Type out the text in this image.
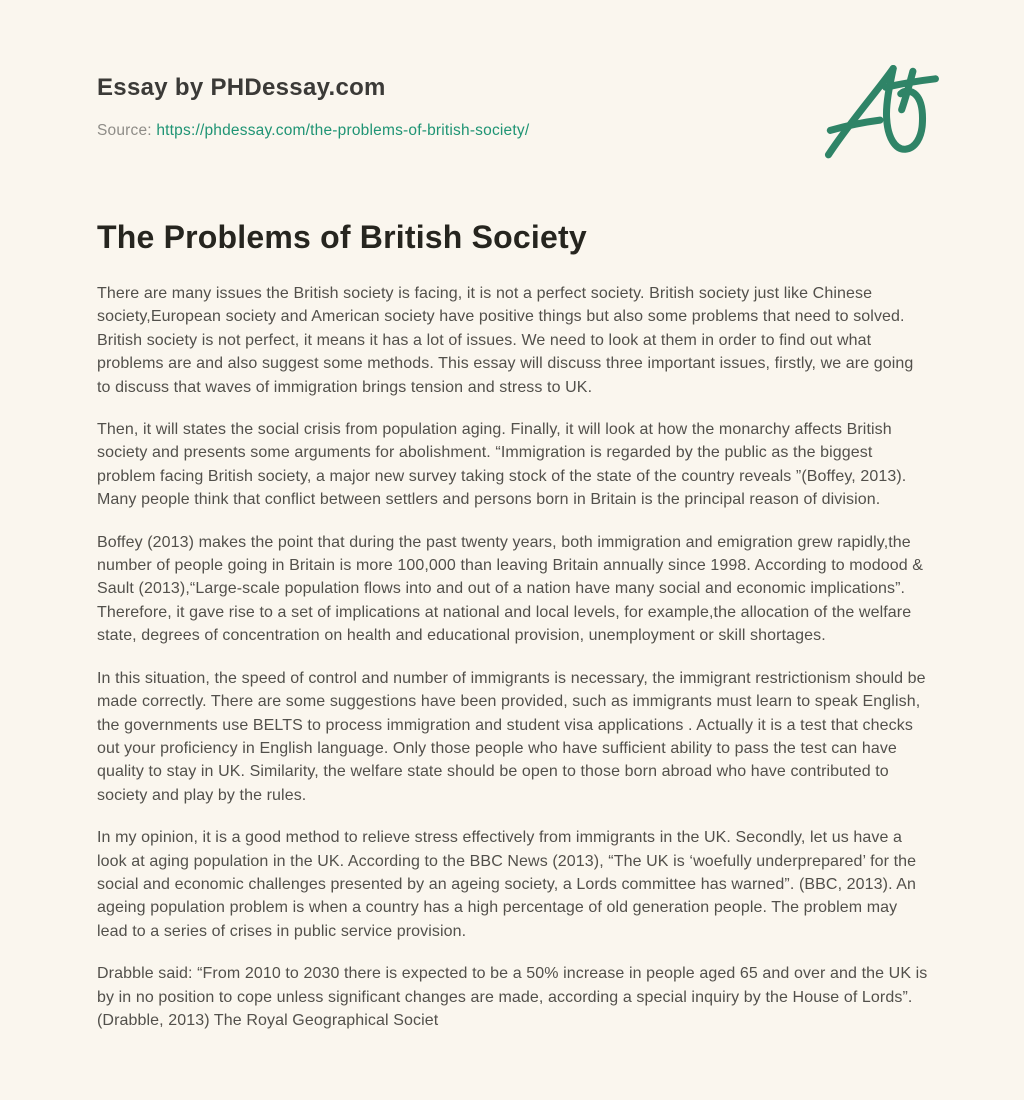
Essay by PHDessay.com
Source: https://phdessay.com/the-problems-of-british-society/
The Problems of British Society

There are many issues the British society is facing, it is not a perfect society. British society just like Chinese society,European society and American society have positive things but also some problems that need to solved. British society is not perfect, it means it has a lot of issues. We need to look at them in order to find out what problems are and also suggest some methods. This essay will discuss three important issues, firstly, we are going to discuss that waves of immigration brings tension and stress to UK.

Then, it will states the social crisis from population aging. Finally, it will look at how the monarchy affects British society and presents some arguments for abolishment. “Immigration is regarded by the public as the biggest problem facing British society, a major new survey taking stock of the state of the country reveals ”(Boffey, 2013). Many people think that conflict between settlers and persons born in Britain is the principal reason of division.

Boffey (2013) makes the point that during the past twenty years, both immigration and emigration grew rapidly,the number of people going in Britain is more 100,000 than leaving Britain annually since 1998. According to modood & Sault (2013),“Large-scale population flows into and out of a nation have many social and economic implications”. Therefore, it gave rise to a set of implications at national and local levels, for example,the allocation of the welfare state, degrees of concentration on health and educational provision, unemployment or skill shortages.

In this situation, the speed of control and number of immigrants is necessary, the immigrant restrictionism should be made correctly. There are some suggestions have been provided, such as immigrants must learn to speak English, the governments use BELTS to process immigration and student visa applications . Actually it is a test that checks out your proficiency in English language. Only those people who have sufficient ability to pass the test can have quality to stay in UK. Similarity, the welfare state should be open to those born abroad who have contributed to society and play by the rules.

In my opinion, it is a good method to relieve stress effectively from immigrants in the UK. Secondly, let us have a look at aging population in the UK. According to the BBC News (2013), “The UK is ‘woefully underprepared’ for the social and economic challenges presented by an ageing society, a Lords committee has warned”. (BBC, 2013). An ageing population problem is when a country has a high percentage of old generation people. The problem may lead to a series of crises in public service provision.

Drabble said: “From 2010 to 2030 there is expected to be a 50% increase in people aged 65 and over and the UK is by in no position to cope unless significant changes are made, according a special inquiry by the House of Lords”. (Drabble, 2013) The Royal Geographical Societ
